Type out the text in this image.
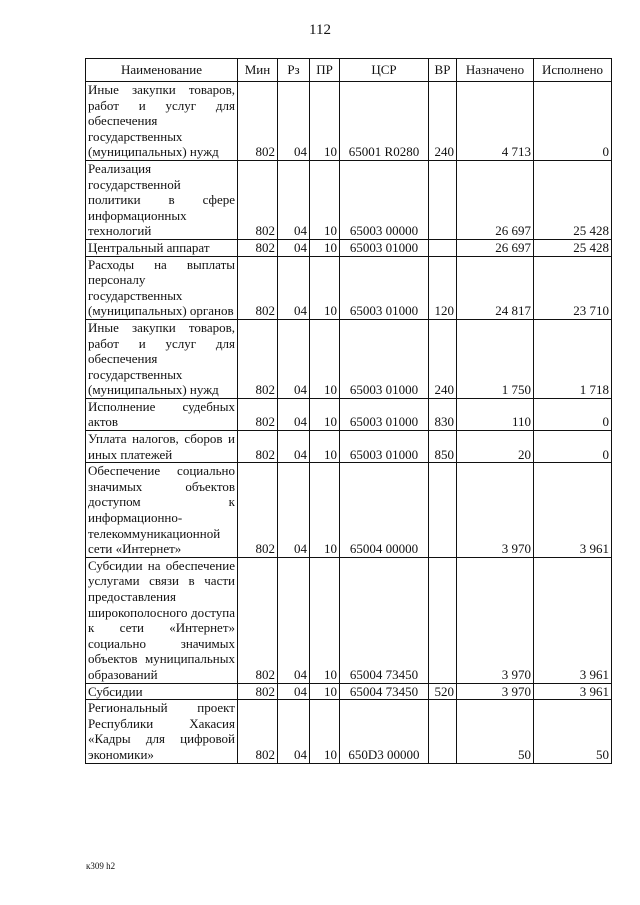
112
Наименование	Мин	Рз	ПР	ЦСР	ВР	Назначено	Исполнено
Иные закупки товаров, работ и услуг для обеспечения государственных (муниципальных) нужд	802	04	10	65001 R0280	240	4 713	0
Реализация государственной политики в сфере информационных технологий	802	04	10	65003 00000		26 697	25 428
Центральный аппарат	802	04	10	65003 01000		26 697	25 428
Расходы на выплаты персоналу государственных (муниципальных) органов	802	04	10	65003 01000	120	24 817	23 710
Иные закупки товаров, работ и услуг для обеспечения государственных (муниципальных) нужд	802	04	10	65003 01000	240	1 750	1 718
Исполнение судебных актов	802	04	10	65003 01000	830	110	0
Уплата налогов, сборов и иных платежей	802	04	10	65003 01000	850	20	0
Обеспечение социально значимых объектов доступом к информационно-телекоммуникационной сети «Интернет»	802	04	10	65004 00000		3 970	3 961
Субсидии на обеспечение услугами связи в части предоставления широкополосного доступа к сети «Интернет» социально значимых объектов муниципальных образований	802	04	10	65004 73450		3 970	3 961
Субсидии	802	04	10	65004 73450	520	3 970	3 961
Региональный проект Республики Хакасия «Кадры для цифровой экономики»	802	04	10	650D3 00000		50	50
к309 h2
